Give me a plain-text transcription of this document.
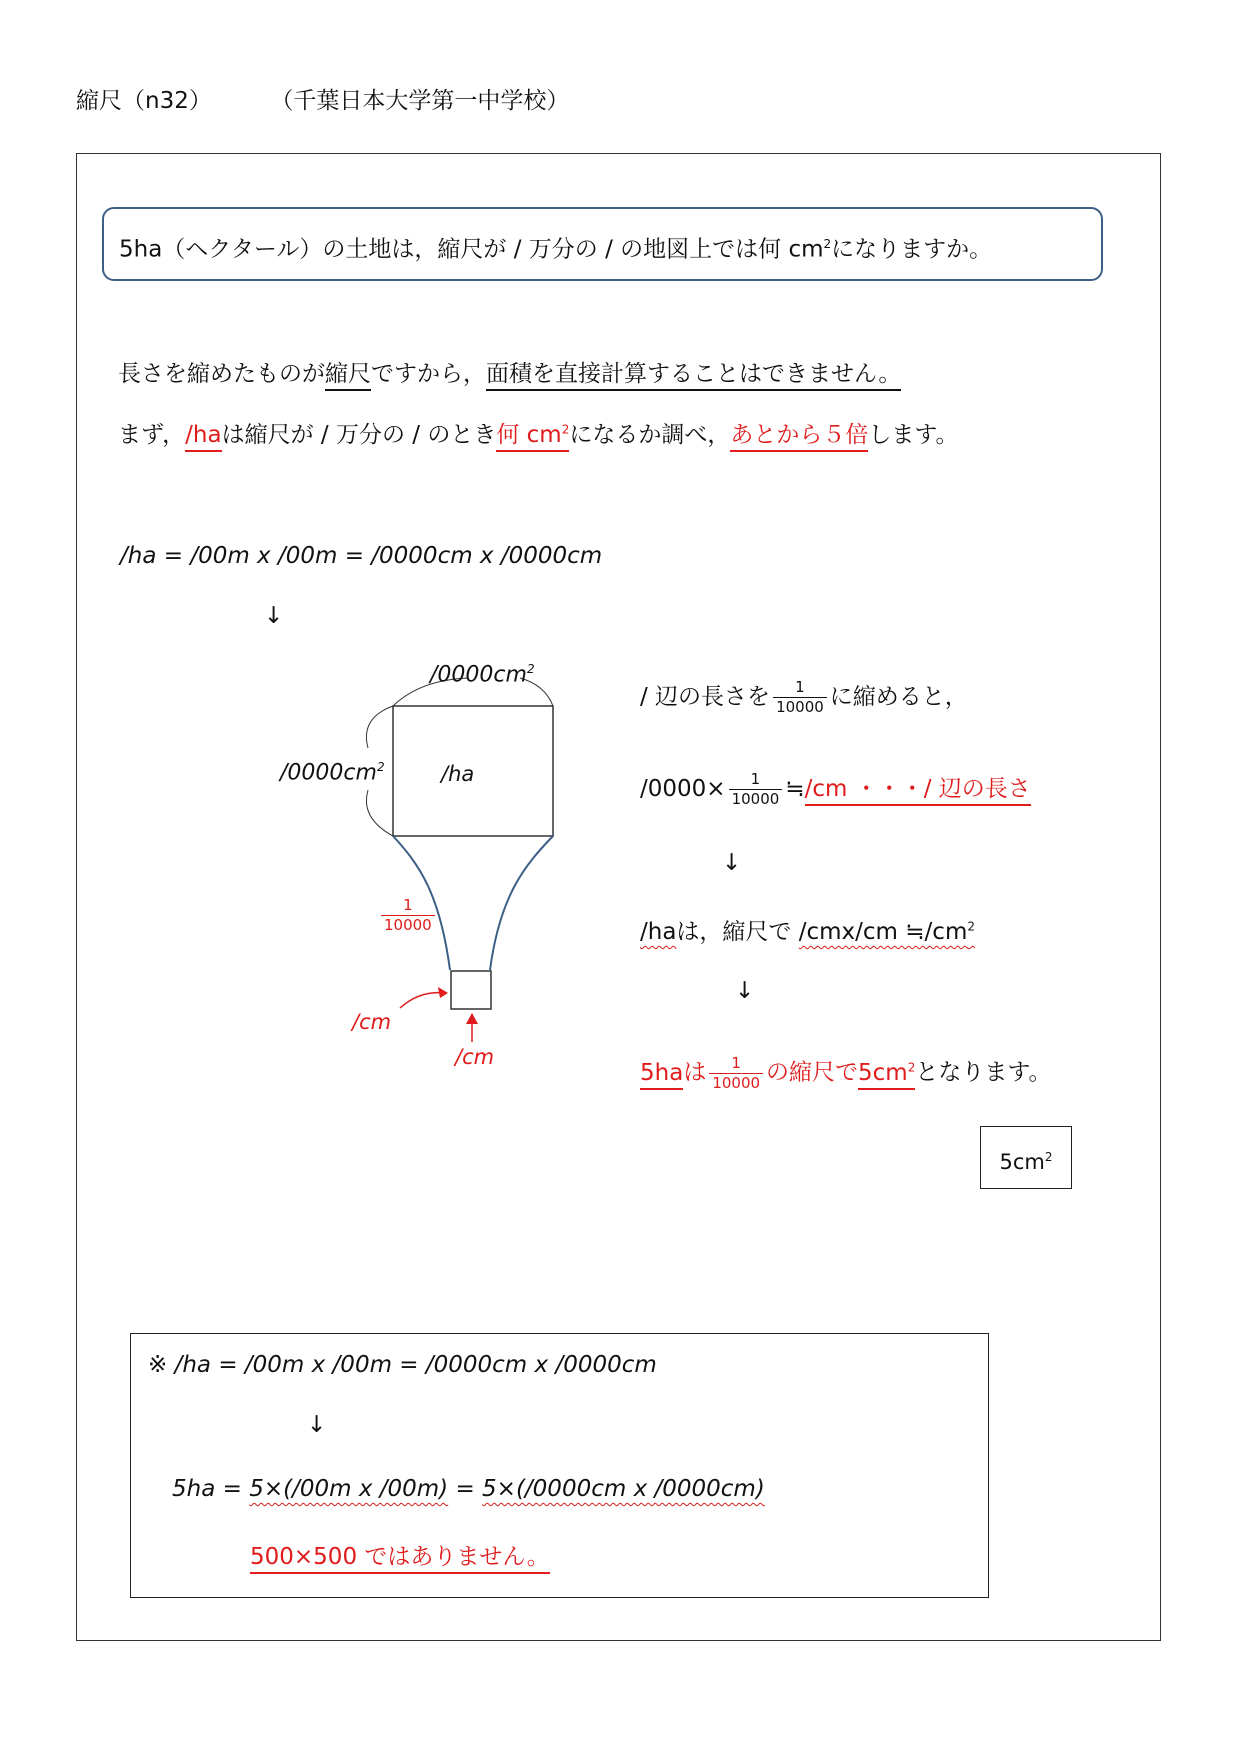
縮尺（n32）	（千葉日本大学第一中学校）
5ha（ヘクタール）の土地は，縮尺が / 万分の / の地図上では何 $cm^2$になりますか。
長さを縮めたものが縮尺ですから，面積を直接計算することはできません。
まず，/haは縮尺が / 万分の / のとき何 $cm^2$になるか調べ，あとから５倍します。
/ha = /00m x /00m = /0000cm x /0000cm
↓
$/0000cm^2$
$/0000cm^2$	/ha
$\frac{1}{10000}$
/cm
/cm
/ 辺の長さを $\frac{1}{10000}$ に縮めると，
$/0000\times \frac{1}{10000}$ ≒/cm ・・・/ 辺の長さ
↓
/haは，縮尺で /cmx/cm $≒/cm^2$
↓
5haは $\frac{1}{10000}$ の縮尺で$5cm^2$となります。
$5cm^2$
※ /ha = /00m x /00m = /0000cm x /0000cm
↓
5ha = 5×(/00m x /00m) = 5×(/0000cm x /0000cm)
500×500 ではありません。
